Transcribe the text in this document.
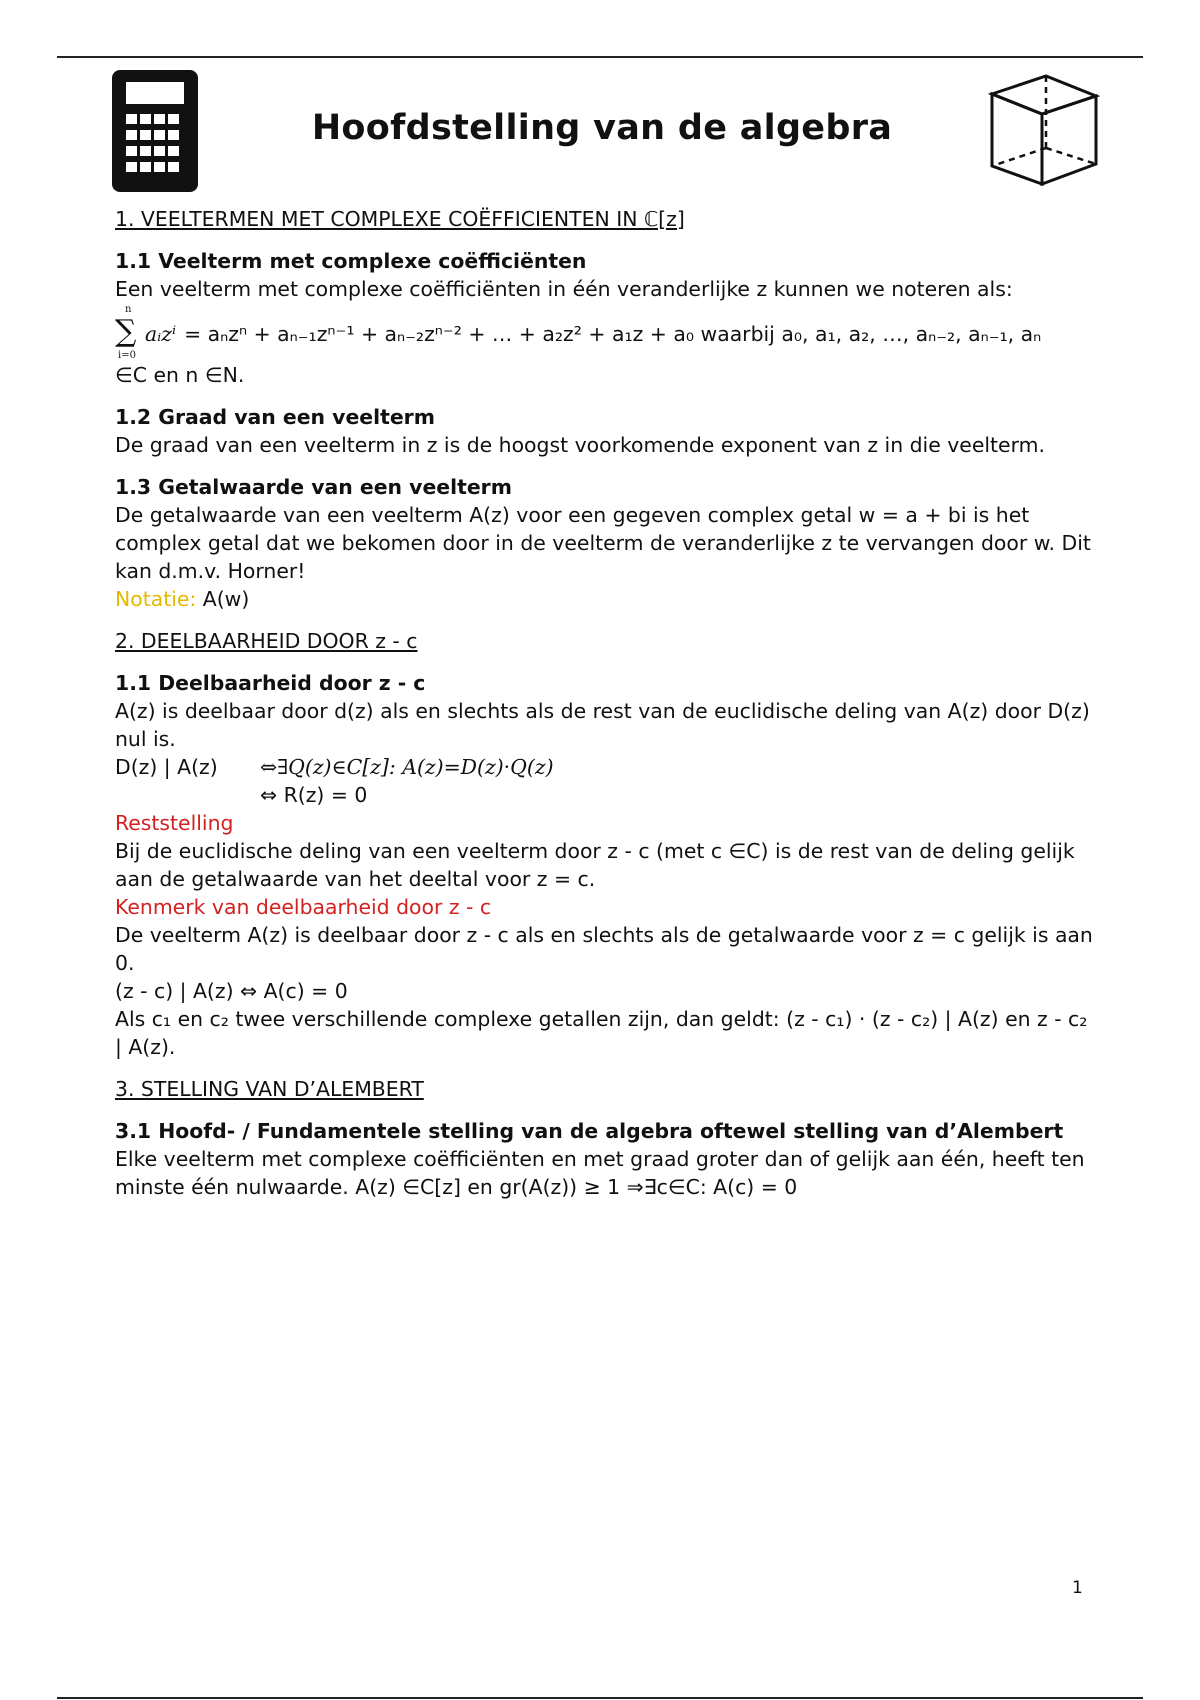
Hoofdstelling van de algebra
1. VEELTERMEN MET COMPLEXE COËFFICIENTEN IN ℂ[z]
1.1 Veelterm met complexe coëfficiënten
Een veelterm met complexe coëfficiënten in één veranderlijke z kunnen we noteren als:
n
∑
i=0
aᵢzⁱ = aₙzⁿ + aₙ₋₁zⁿ⁻¹ + aₙ₋₂zⁿ⁻² + … + a₂z² + a₁z + a₀ waarbij a₀, a₁, a₂, …, aₙ₋₂, aₙ₋₁, aₙ
∈C en n ∈N.
1.2 Graad van een veelterm
De graad van een veelterm in z is de hoogst voorkomende exponent van z in die veelterm.
1.3 Getalwaarde van een veelterm
De getalwaarde van een veelterm A(z) voor een gegeven complex getal w = a + bi is het complex getal dat we bekomen door in de veelterm de veranderlijke z te vervangen door w. Dit kan d.m.v. Horner!
Notatie: A(w)
2. DEELBAARHEID DOOR z - c
1.1 Deelbaarheid door z - c
A(z) is deelbaar door d(z) als en slechts als de rest van de euclidische deling van A(z) door D(z) nul is.
D(z) | A(z)	⇔∃Q(z)∈C[z]: A(z)=D(z)·Q(z)
⇔ R(z) = 0
Reststelling
Bij de euclidische deling van een veelterm door z - c (met c ∈C) is de rest van de deling gelijk aan de getalwaarde van het deeltal voor z = c.
Kenmerk van deelbaarheid door z - c
De veelterm A(z) is deelbaar door z - c als en slechts als de getalwaarde voor z = c gelijk is aan 0.
(z - c) | A(z) ⇔ A(c) = 0
Als c₁ en c₂ twee verschillende complexe getallen zijn, dan geldt: (z - c₁) · (z - c₂) | A(z) en z - c₂ | A(z).
3. STELLING VAN D’ALEMBERT
3.1 Hoofd- / Fundamentele stelling van de algebra oftewel stelling van d’Alembert
Elke veelterm met complexe coëfficiënten en met graad groter dan of gelijk aan één, heeft ten minste één nulwaarde. A(z) ∈C[z] en gr(A(z)) ≥ 1 ⇒∃c∈C: A(c) = 0
1
